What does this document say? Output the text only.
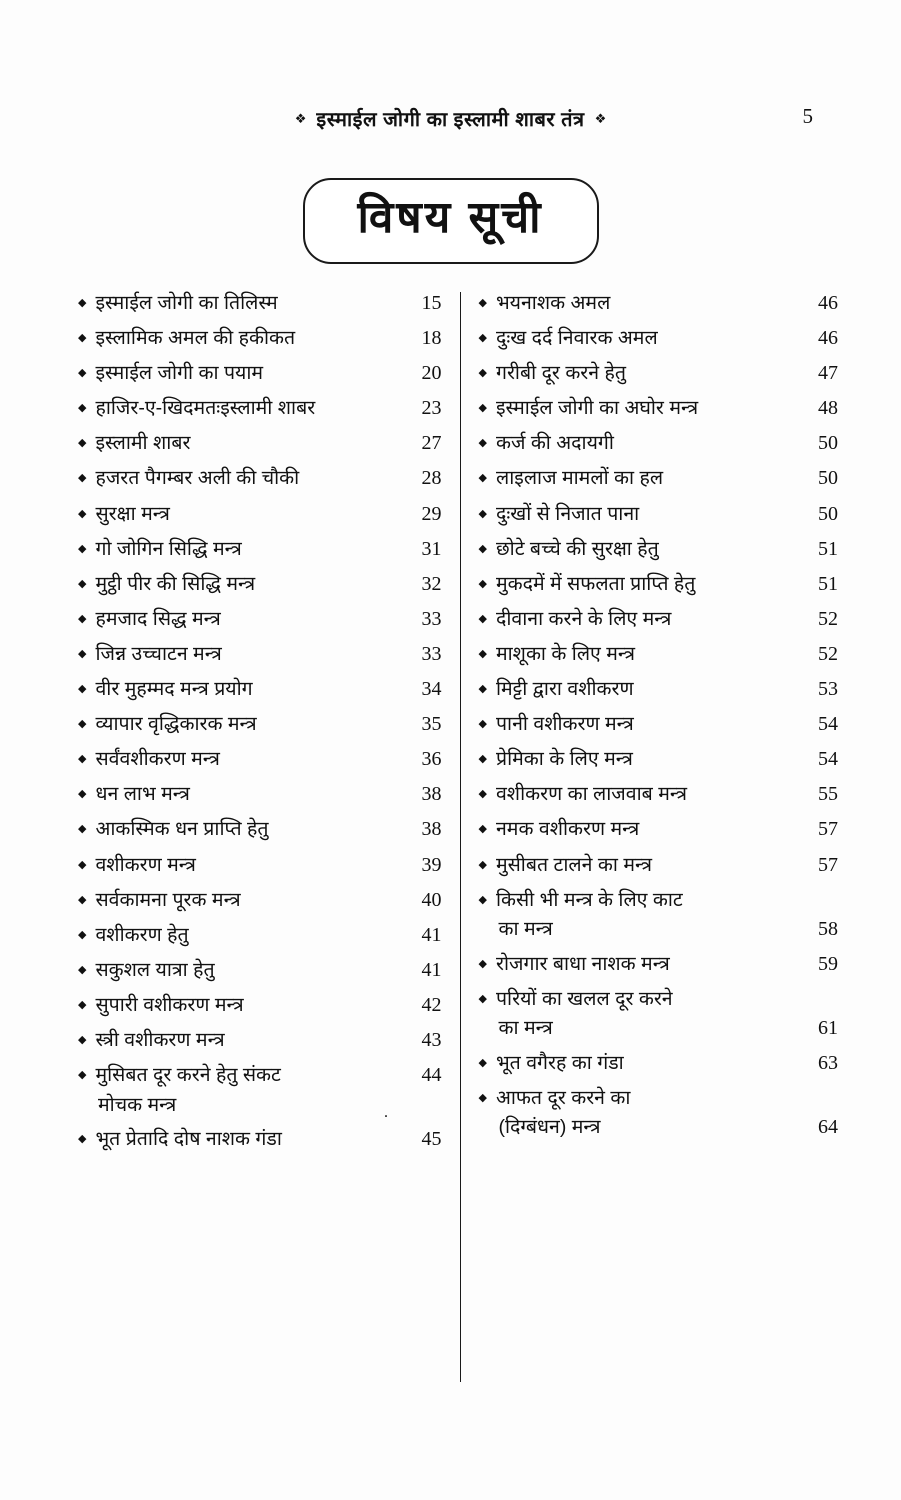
❖ इस्माईल जोगी का इस्लामी शाबर तंत्र ❖	5
विषय सूची
◆ इस्माईल जोगी का तिलिस्म	15
◆ इस्लामिक अमल की हकीकत	18
◆ इस्माईल जोगी का पयाम	20
◆ हाजिर-ए-खिदमतःइस्लामी शाबर	23
◆ इस्लामी शाबर	27
◆ हजरत पैगम्बर अली की चौकी	28
◆ सुरक्षा मन्त्र	29
◆ गो जोगिन सिद्धि मन्त्र	31
◆ मुट्ठी पीर की सिद्धि मन्त्र	32
◆ हमजाद सिद्ध मन्त्र	33
◆ जिन्न उच्चाटन मन्त्र	33
◆ वीर मुहम्मद मन्त्र प्रयोग	34
◆ व्यापार वृद्धिकारक मन्त्र	35
◆ सर्वंवशीकरण मन्त्र	36
◆ धन लाभ मन्त्र	38
◆ आकस्मिक धन प्राप्ति हेतु	38
◆ वशीकरण मन्त्र	39
◆ सर्वकामना पूरक मन्त्र	40
◆ वशीकरण हेतु	41
◆ सकुशल यात्रा हेतु	41
◆ सुपारी वशीकरण मन्त्र	42
◆ स्त्री वशीकरण मन्त्र	43
◆ मुसिबत दूर करने हेतु संकट	44
मोचक मन्त्र
◆ भूत प्रेतादि दोष नाशक गंडा	45
◆ भयनाशक अमल	46
◆ दुःख दर्द निवारक अमल	46
◆ गरीबी दूर करने हेतु	47
◆ इस्माईल जोगी का अघोर मन्त्र	48
◆ कर्ज की अदायगी	50
◆ लाइलाज मामलों का हल	50
◆ दुःखों से निजात पाना	50
◆ छोटे बच्चे की सुरक्षा हेतु	51
◆ मुकदमें में सफलता प्राप्ति हेतु	51
◆ दीवाना करने के लिए मन्त्र	52
◆ माशूका के लिए मन्त्र	52
◆ मिट्टी द्वारा वशीकरण	53
◆ पानी वशीकरण मन्त्र	54
◆ प्रेमिका के लिए मन्त्र	54
◆ वशीकरण का लाजवाब मन्त्र	55
◆ नमक वशीकरण मन्त्र	57
◆ मुसीबत टालने का मन्त्र	57
◆ किसी भी मन्त्र के लिए काट
का मन्त्र	58
◆ रोजगार बाधा नाशक मन्त्र	59
◆ परियों का खलल दूर करने
का मन्त्र	61
◆ भूत वगैरह का गंडा	63
◆ आफत दूर करने का
(दिग्बंधन) मन्त्र	64
.
